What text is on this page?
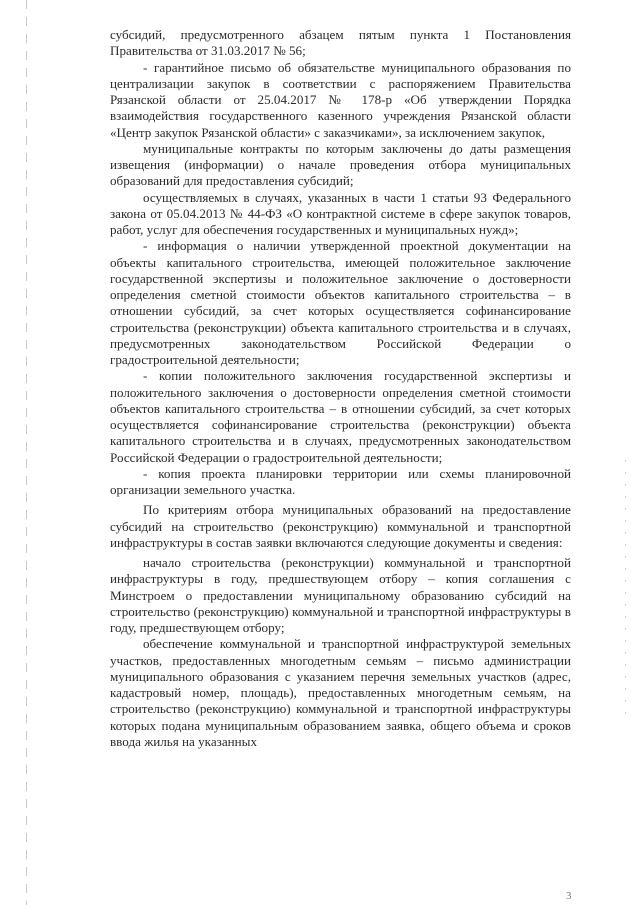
субсидий, предусмотренного абзацем пятым пункта 1 Постановления Правительства от 31.03.2017 № 56;

- гарантийное письмо об обязательстве муниципального образования по централизации закупок в соответствии с распоряжением Правительства Рязанской области от 25.04.2017 № 178-р «Об утверждении Порядка взаимодействия государственного казенного учреждения Рязанской области «Центр закупок Рязанской области» с заказчиками», за исключением закупок,

муниципальные контракты по которым заключены до даты размещения извещения (информации) о начале проведения отбора муниципальных образований для предоставления субсидий;

осуществляемых в случаях, указанных в части 1 статьи 93 Федерального закона от 05.04.2013 № 44-ФЗ «О контрактной системе в сфере закупок товаров, работ, услуг для обеспечения государственных и муниципальных нужд»;

- информация о наличии утвержденной проектной документации на объекты капитального строительства, имеющей положительное заключение государственной экспертизы и положительное заключение о достоверности определения сметной стоимости объектов капитального строительства – в отношении субсидий, за счет которых осуществляется софинансирование строительства (реконструкции) объекта капитального строительства и в случаях, предусмотренных законодательством Российской Федерации о градостроительной деятельности;

- копии положительного заключения государственной экспертизы и положительного заключения о достоверности определения сметной стоимости объектов капитального строительства – в отношении субсидий, за счет которых осуществляется софинансирование строительства (реконструкции) объекта капитального строительства и в случаях, предусмотренных законодательством Российской Федерации о градостроительной деятельности;

- копия проекта планировки территории или схемы планировочной организации земельного участка.

По критериям отбора муниципальных образований на предоставление субсидий на строительство (реконструкцию) коммунальной и транспортной инфраструктуры в состав заявки включаются следующие документы и сведения:

начало строительства (реконструкции) коммунальной и транспортной инфраструктуры в году, предшествующем отбору – копия соглашения с Минстроем о предоставлении муниципальному образованию субсидий на строительство (реконструкцию) коммунальной и транспортной инфраструктуры в году, предшествующем отбору;

обеспечение коммунальной и транспортной инфраструктурой земельных участков, предоставленных многодетным семьям – письмо администрации муниципального образования с указанием перечня земельных участков (адрес, кадастровый номер, площадь), предоставленных многодетным семьям, на строительство (реконструкцию) коммунальной и транспортной инфраструктуры которых подана муниципальным образованием заявка, общего объема и сроков ввода жилья на указанных

3
